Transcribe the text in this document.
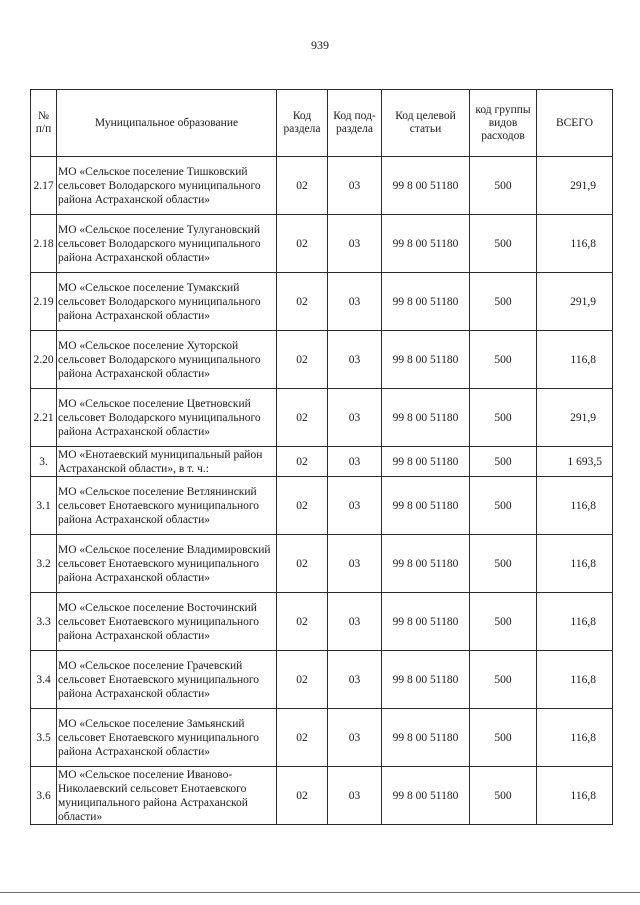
939
№ п/п	Муниципальное образование	Код раздела	Код под-раздела	Код целевой статьи	код группы видов расходов	ВСЕГО
2.17	МО «Сельское поселение Тишковский сельсовет Володарского муниципального района Астраханской области»	02	03	99 8 00 51180	500	291,9
2.18	МО «Сельское поселение Тулугановский сельсовет Володарского муниципального района Астраханской области»	02	03	99 8 00 51180	500	116,8
2.19	МО «Сельское поселение Тумакский сельсовет Володарского муниципального района Астраханской области»	02	03	99 8 00 51180	500	291,9
2.20	МО «Сельское поселение Хуторской сельсовет Володарского муниципального района Астраханской области»	02	03	99 8 00 51180	500	116,8
2.21	МО «Сельское поселение Цветновский сельсовет Володарского муниципального района Астраханской области»	02	03	99 8 00 51180	500	291,9
3.	МО «Енотаевский муниципальный район Астраханской области», в т. ч.:	02	03	99 8 00 51180	500	1 693,5
3.1	МО «Сельское поселение Ветлянинский сельсовет Енотаевского муниципального района Астраханской области»	02	03	99 8 00 51180	500	116,8
3.2	МО «Сельское поселение Владимировский сельсовет Енотаевского муниципального района Астраханской области»	02	03	99 8 00 51180	500	116,8
3.3	МО «Сельское поселение Восточинский сельсовет Енотаевского муниципального района Астраханской области»	02	03	99 8 00 51180	500	116,8
3.4	МО «Сельское поселение Грачевский сельсовет Енотаевского муниципального района Астраханской области»	02	03	99 8 00 51180	500	116,8
3.5	МО «Сельское поселение Замьянский сельсовет Енотаевского муниципального района Астраханской области»	02	03	99 8 00 51180	500	116,8
3.6	МО «Сельское поселение Иваново-Николаевский сельсовет Енотаевского муниципального района Астраханской области»	02	03	99 8 00 51180	500	116,8
